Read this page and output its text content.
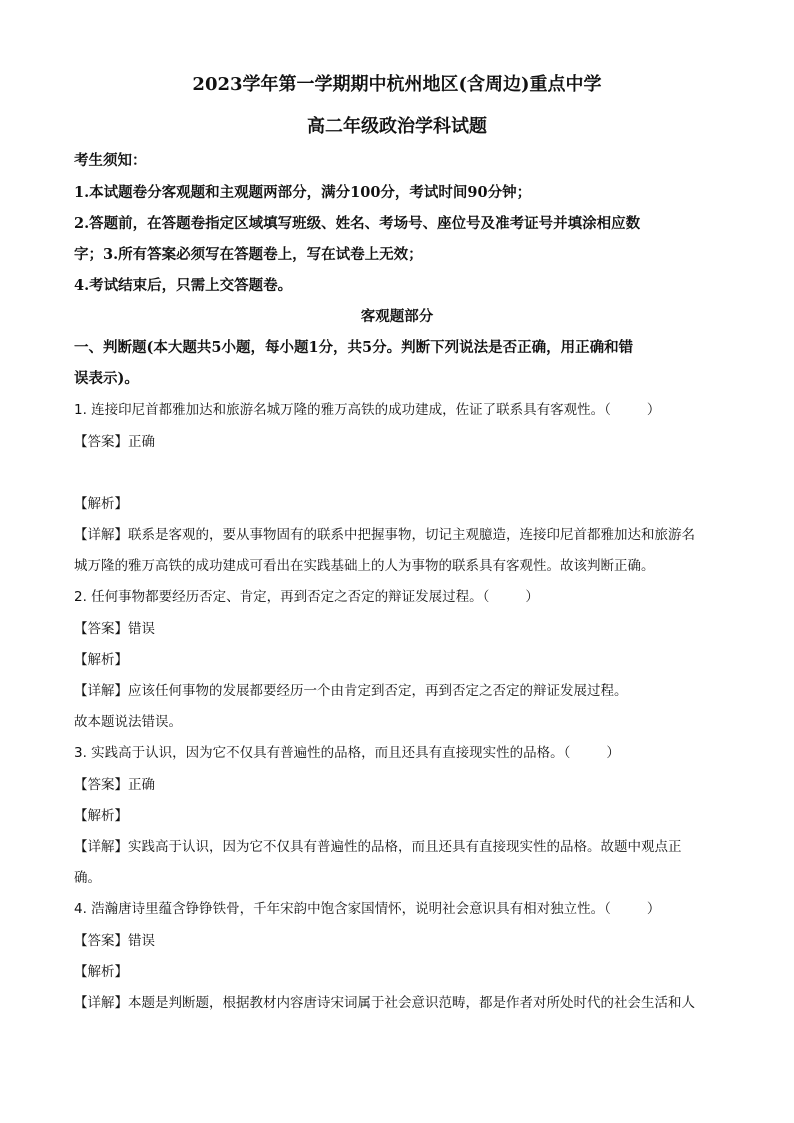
2023学年第一学期期中杭州地区(含周边)重点中学
高二年级政治学科试题
考生须知：
1.本试题卷分客观题和主观题两部分，满分100分，考试时间90分钟；
2.答题前，在答题卷指定区域填写班级、姓名、考场号、座位号及准考证号并填涂相应数
字；3.所有答案必须写在答题卷上，写在试卷上无效；
4.考试结束后，只需上交答题卷。
客观题部分
一、判断题(本大题共5小题，每小题1分，共5分。判断下列说法是否正确，用正确和错
误表示)。
1. 连接印尼首都雅加达和旅游名城万隆的雅万高铁的成功建成，佐证了联系具有客观性。（	）
【答案】正确
【解析】
【详解】联系是客观的，要从事物固有的联系中把握事物，切记主观臆造，连接印尼首都雅加达和旅游名
城万隆的雅万高铁的成功建成可看出在实践基础上的人为事物的联系具有客观性。故该判断正确。
2. 任何事物都要经历否定、肯定，再到否定之否定的辩证发展过程。（	）
【答案】错误
【解析】
【详解】应该任何事物的发展都要经历一个由肯定到否定，再到否定之否定的辩证发展过程。
故本题说法错误。
3. 实践高于认识，因为它不仅具有普遍性的品格，而且还具有直接现实性的品格。（	）
【答案】正确
【解析】
【详解】实践高于认识，因为它不仅具有普遍性的品格，而且还具有直接现实性的品格。故题中观点正
确。
4. 浩瀚唐诗里蕴含铮铮铁骨，千年宋韵中饱含家国情怀，说明社会意识具有相对独立性。（	）
【答案】错误
【解析】
【详解】本题是判断题，根据教材内容唐诗宋词属于社会意识范畴，都是作者对所处时代的社会生活和人
